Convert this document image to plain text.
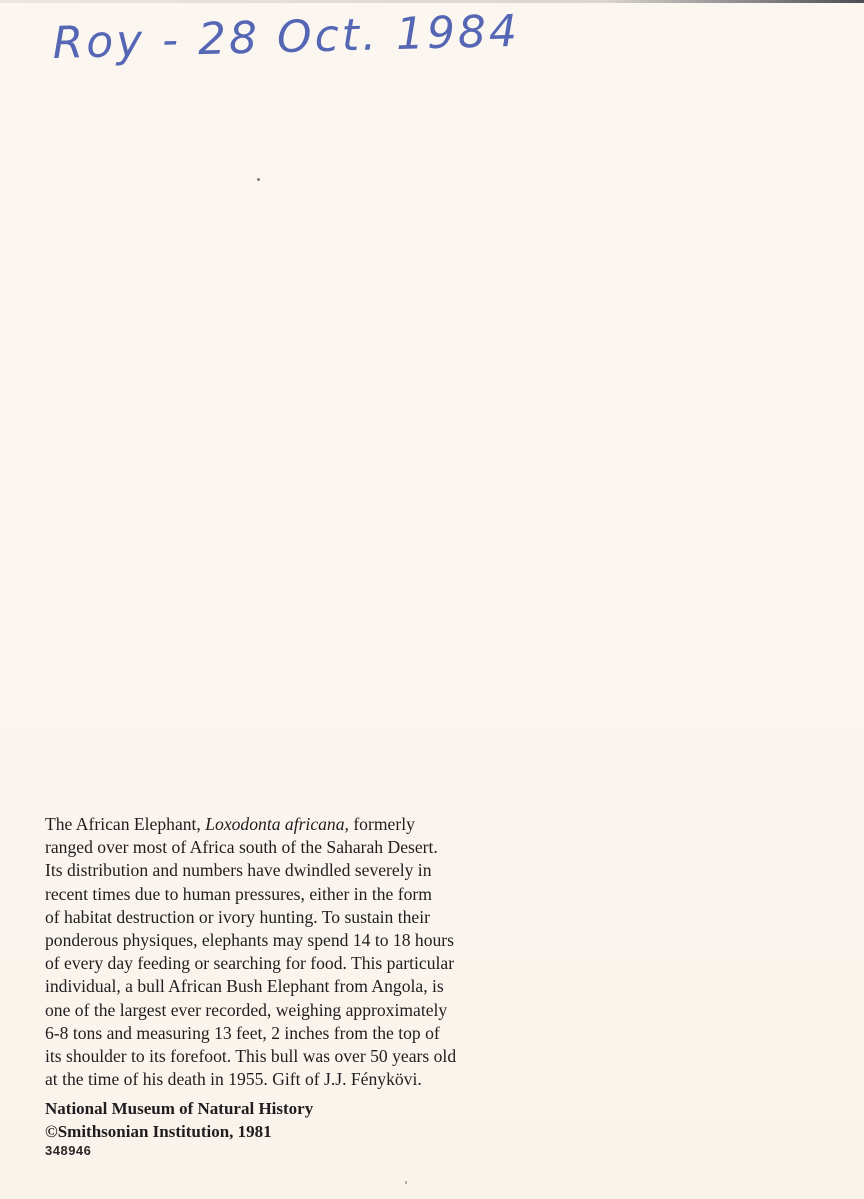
Roy - 28 Oct. 1984
The African Elephant, Loxodonta africana, formerly
ranged over most of Africa south of the Saharah Desert.
Its distribution and numbers have dwindled severely in
recent times due to human pressures, either in the form
of habitat destruction or ivory hunting. To sustain their
ponderous physiques, elephants may spend 14 to 18 hours
of every day feeding or searching for food. This particular
individual, a bull African Bush Elephant from Angola, is
one of the largest ever recorded, weighing approximately
6-8 tons and measuring 13 feet, 2 inches from the top of
its shoulder to its forefoot. This bull was over 50 years old
at the time of his death in 1955. Gift of J.J. Fénykövi.
National Museum of Natural History
©Smithsonian Institution, 1981
348946
